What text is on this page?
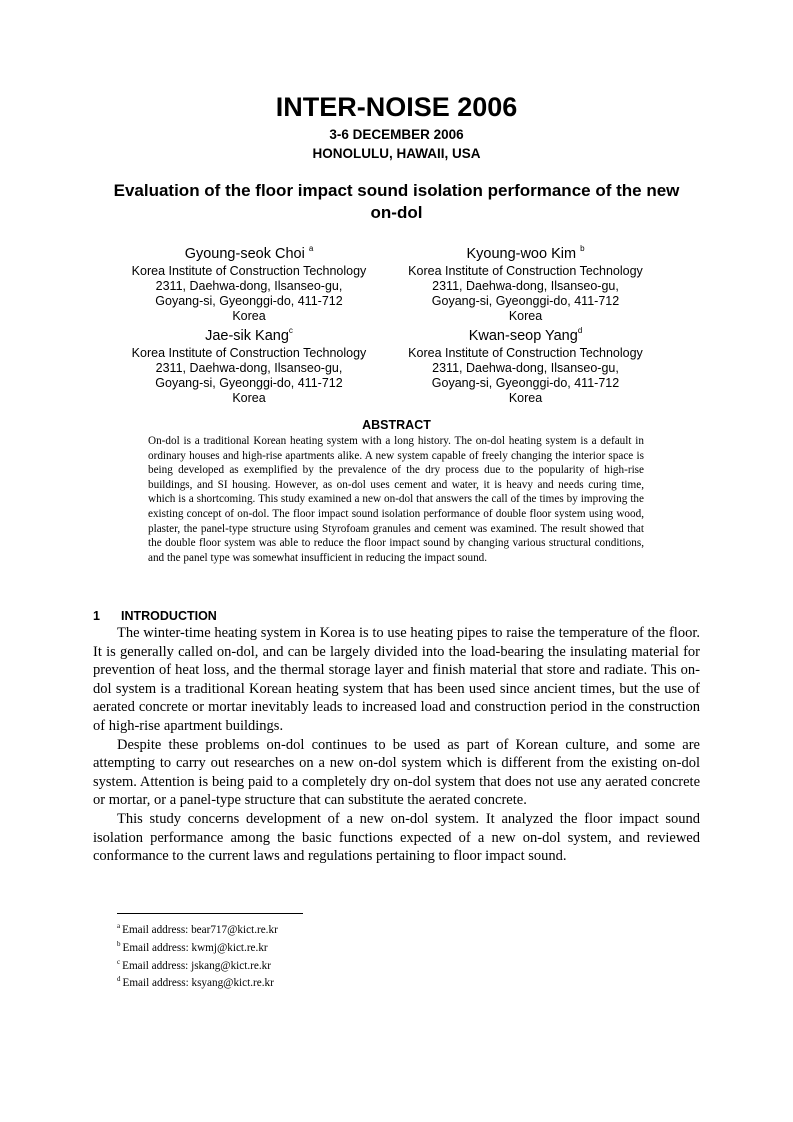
INTER-NOISE 2006
3-6 DECEMBER 2006
HONOLULU, HAWAII, USA
Evaluation of the floor impact sound isolation performance of the new on-dol
Gyoung-seok Choi $^a$
Korea Institute of Construction Technology
2311, Daehwa-dong, Ilsanseo-gu,
Goyang-si, Gyeonggi-do, 411-712
Korea
Kyoung-woo Kim $^b$
Korea Institute of Construction Technology
2311, Daehwa-dong, Ilsanseo-gu,
Goyang-si, Gyeonggi-do, 411-712
Korea
Jae-sik Kang$^c$
Korea Institute of Construction Technology
2311, Daehwa-dong, Ilsanseo-gu,
Goyang-si, Gyeonggi-do, 411-712
Korea
Kwan-seop Yang$^d$
Korea Institute of Construction Technology
2311, Daehwa-dong, Ilsanseo-gu,
Goyang-si, Gyeonggi-do, 411-712
Korea
ABSTRACT
On-dol is a traditional Korean heating system with a long history. The on-dol heating system is a default in ordinary houses and high-rise apartments alike. A new system capable of freely changing the interior space is being developed as exemplified by the prevalence of the dry process due to the popularity of high-rise buildings, and SI housing. However, as on-dol uses cement and water, it is heavy and needs curing time, which is a shortcoming. This study examined a new on-dol that answers the call of the times by improving the existing concept of on-dol. The floor impact sound isolation performance of double floor system using wood, plaster, the panel-type structure using Styrofoam granules and cement was examined. The result showed that the double floor system was able to reduce the floor impact sound by changing various structural conditions, and the panel type was somewhat insufficient in reducing the impact sound.
1 INTRODUCTION

The winter-time heating system in Korea is to use heating pipes to raise the temperature of the floor. It is generally called on-dol, and can be largely divided into the load-bearing the insulating material for prevention of heat loss, and the thermal storage layer and finish material that store and radiate. This on-dol system is a traditional Korean heating system that has been used since ancient times, but the use of aerated concrete or mortar inevitably leads to increased load and construction period in the construction of high-rise apartment buildings.

Despite these problems on-dol continues to be used as part of Korean culture, and some are attempting to carry out researches on a new on-dol system which is different from the existing on-dol system. Attention is being paid to a completely dry on-dol system that does not use any aerated concrete or mortar, or a panel-type structure that can substitute the aerated concrete.

This study concerns development of a new on-dol system. It analyzed the floor impact sound isolation performance among the basic functions expected of a new on-dol system, and reviewed conformance to the current laws and regulations pertaining to floor impact sound.

$^a$ Email address: bear717@kict.re.kr
$^b$ Email address: kwmj@kict.re.kr
$^c$ Email address: jskang@kict.re.kr
$^d$ Email address: ksyang@kict.re.kr
